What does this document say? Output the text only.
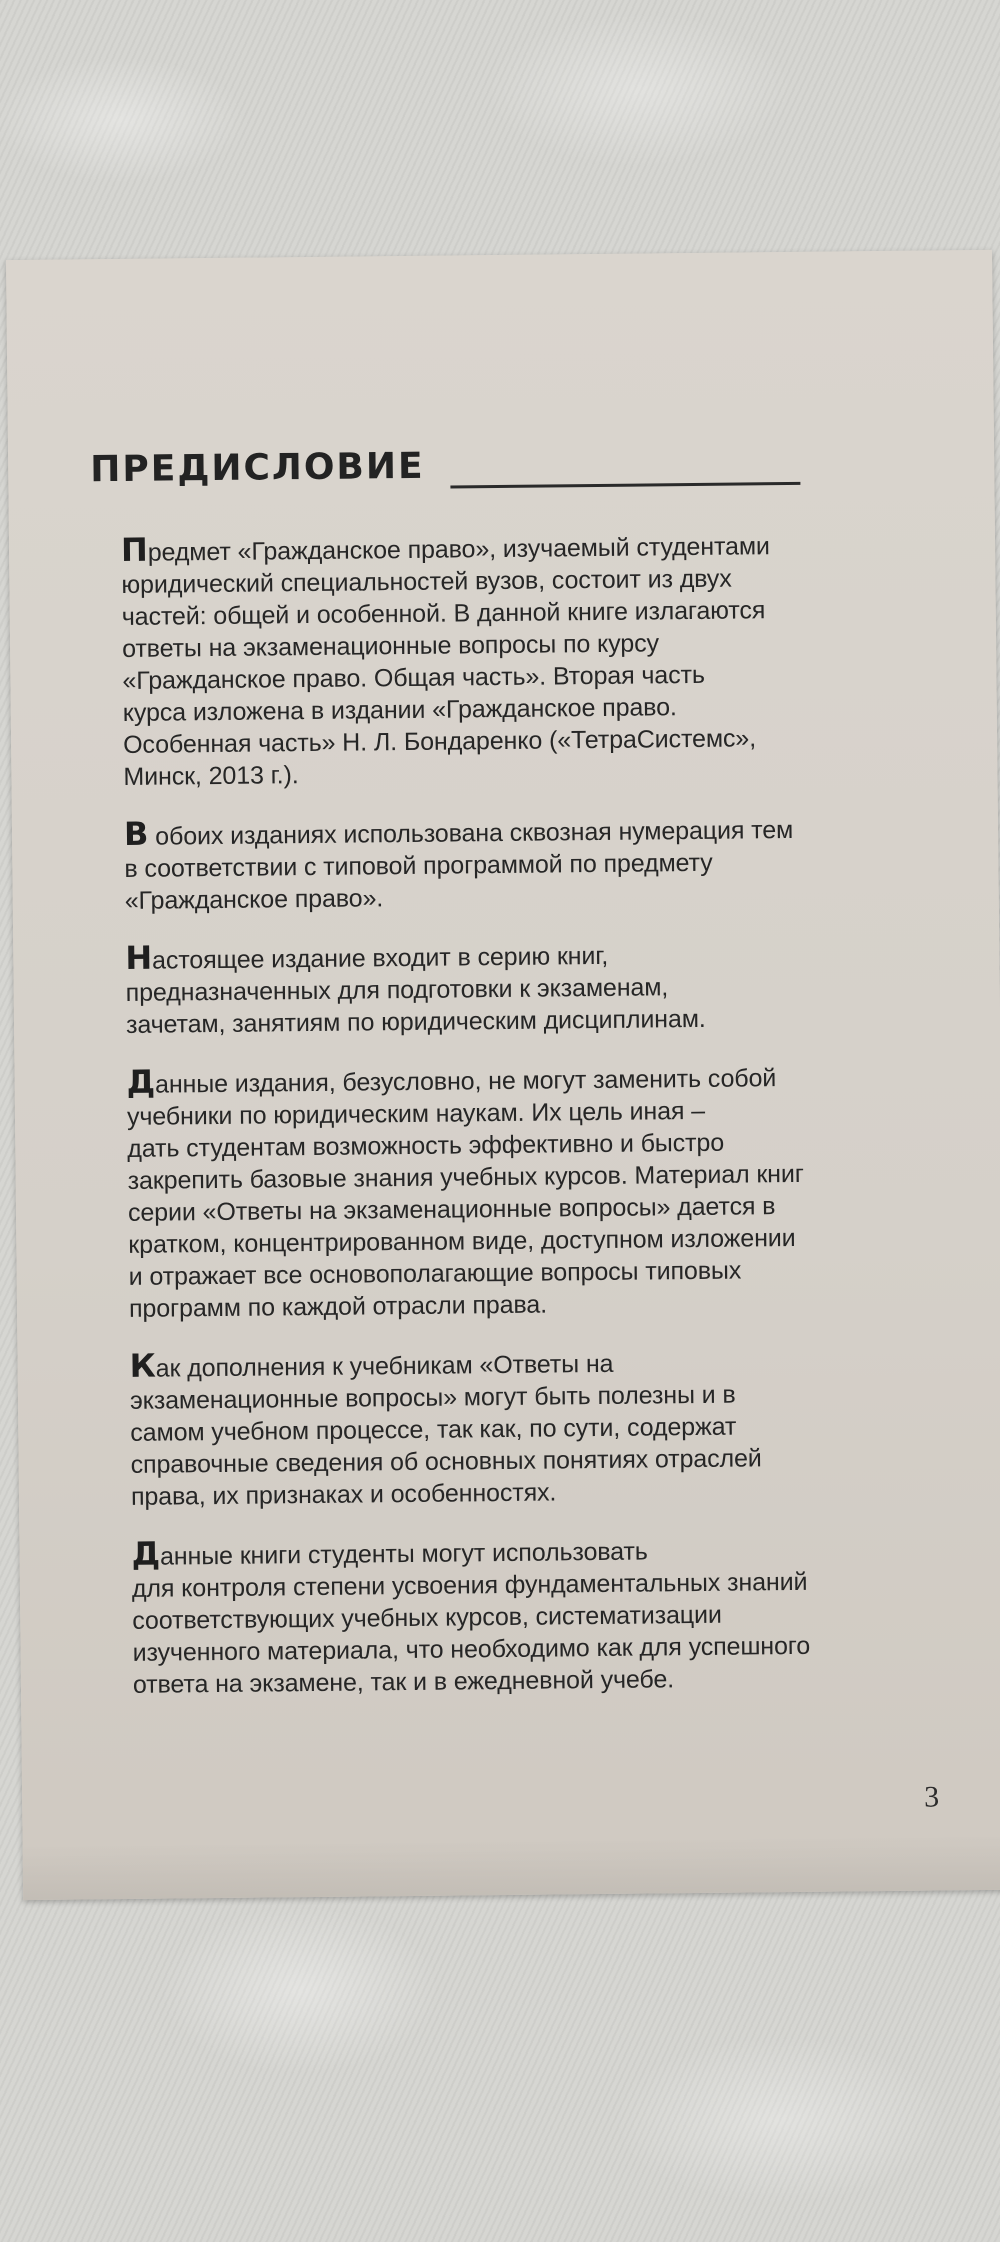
ПРЕДИСЛОВИЕ
Предмет «Гражданское право», изучаемый студентами
юридический специальностей вузов, состоит из двух
частей: общей и особенной. В данной книге излагаются
ответы на экзаменационные вопросы по курсу
«Гражданское право. Общая часть». Вторая часть
курса изложена в издании «Гражданское право.
Особенная часть» Н. Л. Бондаренко («ТетраСистемс»,
Минск, 2013 г.).
В обоих изданиях использована сквозная нумерация тем
в соответствии с типовой программой по предмету
«Гражданское право».
Настоящее издание входит в серию книг,
предназначенных для подготовки к экзаменам,
зачетам, занятиям по юридическим дисциплинам.
Данные издания, безусловно, не могут заменить собой
учебники по юридическим наукам. Их цель иная –
дать студентам возможность эффективно и быстро
закрепить базовые знания учебных курсов. Материал книг
серии «Ответы на экзаменационные вопросы» дается в
кратком, концентрированном виде, доступном изложении
и отражает все основополагающие вопросы типовых
программ по каждой отрасли права.
Как дополнения к учебникам «Ответы на
экзаменационные вопросы» могут быть полезны и в
самом учебном процессе, так как, по сути, содержат
справочные сведения об основных понятиях отраслей
права, их признаках и особенностях.
Данные книги студенты могут использовать
для контроля степени усвоения фундаментальных знаний
соответствующих учебных курсов, систематизации
изученного материала, что необходимо как для успешного
ответа на экзамене, так и в ежедневной учебе.
3
